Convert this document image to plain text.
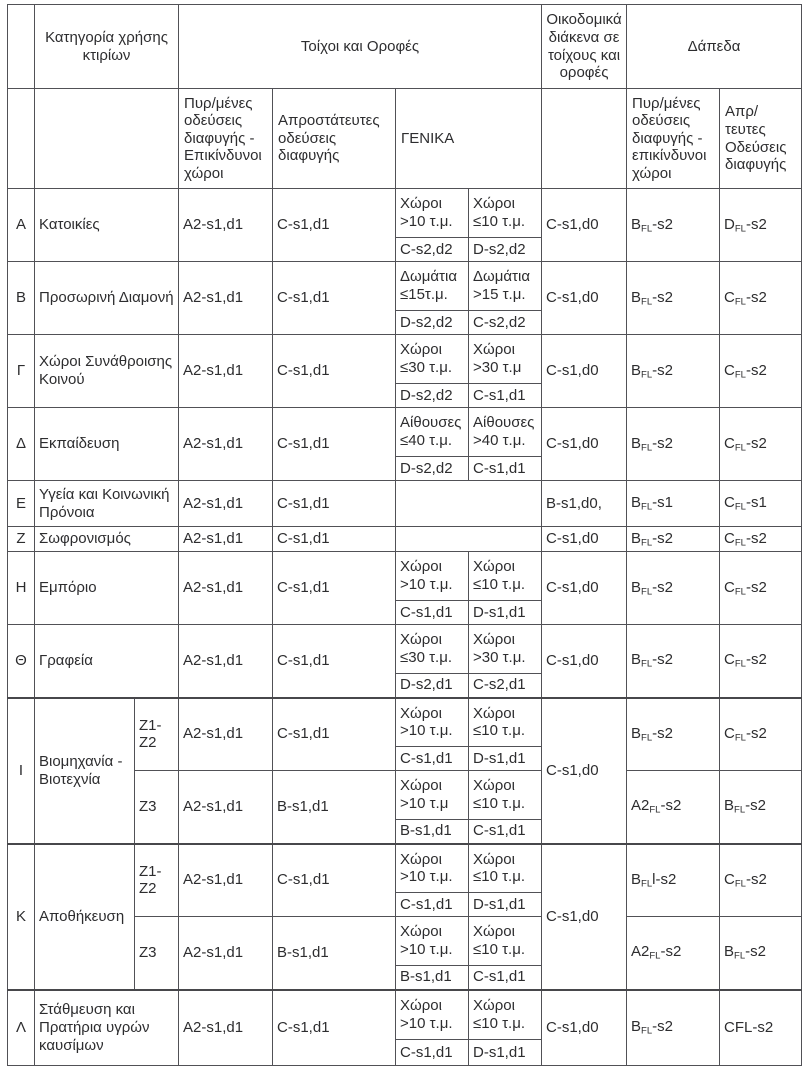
	Κατηγορία χρήσης κτιρίων		Τοίχοι και Οροφές				Οικοδομικά διάκενα σε τοίχους και οροφές	Δάπεδα	
			Πυρ/μένες οδεύσεις διαφυγής - Επικίνδυνοι χώροι	Απροστάτευτες οδεύσεις διαφυγής	ΓΕΝΙΚΑ			Πυρ/μένες οδεύσεις διαφυγής - επικίνδυνοι χώροι	Απρ/τευτες Οδεύσεις διαφυγής
Α	Κατοικίες		A2-s1,d1	C-s1,d1	Χώροι >10 τ.μ.	Χώροι ≤10 τ.μ.	C-s1,d0	$B_{FL}-s2$	$D_{FL}-s2$
					C-s2,d2	D-s2,d2			
Β	Προσωρινή Διαμονή		A2-s1,d1	C-s1,d1	Δωμάτια ≤15τ.μ.	Δωμάτια >15 τ.μ.	C-s1,d0	$B_{FL}-s2$	$C_{FL}-s2$
					D-s2,d2	C-s2,d2			
Γ	Χώροι Συνάθροισης Κοινού		A2-s1,d1	C-s1,d1	Χώροι ≤30 τ.μ.	Χώροι >30 τ.μ	C-s1,d0	$B_{FL}-s2$	$C_{FL}-s2$
					D-s2,d2	C-s1,d1			
Δ	Εκπαίδευση		A2-s1,d1	C-s1,d1	Αίθουσες ≤40 τ.μ.	Αίθουσες >40 τ.μ.	C-s1,d0	$B_{FL}-s2$	$C_{FL}-s2$
					D-s2,d2	C-s1,d1			
Ε	Υγεία και Κοινωνική Πρόνοια		A2-s1,d1	C-s1,d1			B-s1,d0,	$B_{FL}-s1$	$C_{FL}-s1$
Ζ	Σωφρονισμός		A2-s1,d1	C-s1,d1			C-s1,d0	$B_{FL}-s2$	$C_{FL}-s2$
Η	Εμπόριο		A2-s1,d1	C-s1,d1	Χώροι >10 τ.μ.	Χώροι ≤10 τ.μ.	C-s1,d0	$B_{FL}-s2$	$C_{FL}-s2$
					C-s1,d1	D-s1,d1			
Θ	Γραφεία		A2-s1,d1	C-s1,d1	Χώροι ≤30 τ.μ.	Χώροι >30 τ.μ.	C-s1,d0	$B_{FL}-s2$	$C_{FL}-s2$
					D-s2,d1	C-s2,d1			
Ι	Βιομηχανία - Βιοτεχνία	Z1-Z2	A2-s1,d1	C-s1,d1	Χώροι >10 τ.μ.	Χώροι ≤10 τ.μ.	C-s1,d0	$B_{FL}-s2$	$C_{FL}-s2$
					C-s1,d1	D-s1,d1			
		Z3	A2-s1,d1	B-s1,d1	Χώροι >10 τ.μ	Χώροι ≤10 τ.μ.		$A2_{FL}-s2$	$B_{FL}-s2$
					B-s1,d1	C-s1,d1			
Κ	Αποθήκευση	Z1-Z2	A2-s1,d1	C-s1,d1	Χώροι >10 τ.μ.	Χώροι ≤10 τ.μ.	C-s1,d0	$B_{FL}l-s2$	$C_{FL}-s2$
					C-s1,d1	D-s1,d1			
		Z3	A2-s1,d1	B-s1,d1	Χώροι >10 τ.μ.	Χώροι ≤10 τ.μ.		$A2_{FL}-s2$	$B_{FL}-s2$
					B-s1,d1	C-s1,d1			
Λ	Στάθμευση και Πρατήρια υγρών καυσίμων		A2-s1,d1	C-s1,d1	Χώροι >10 τ.μ.	Χώροι ≤10 τ.μ.	C-s1,d0	$B_{FL}-s2$	CFL-s2
					C-s1,d1	D-s1,d1			
